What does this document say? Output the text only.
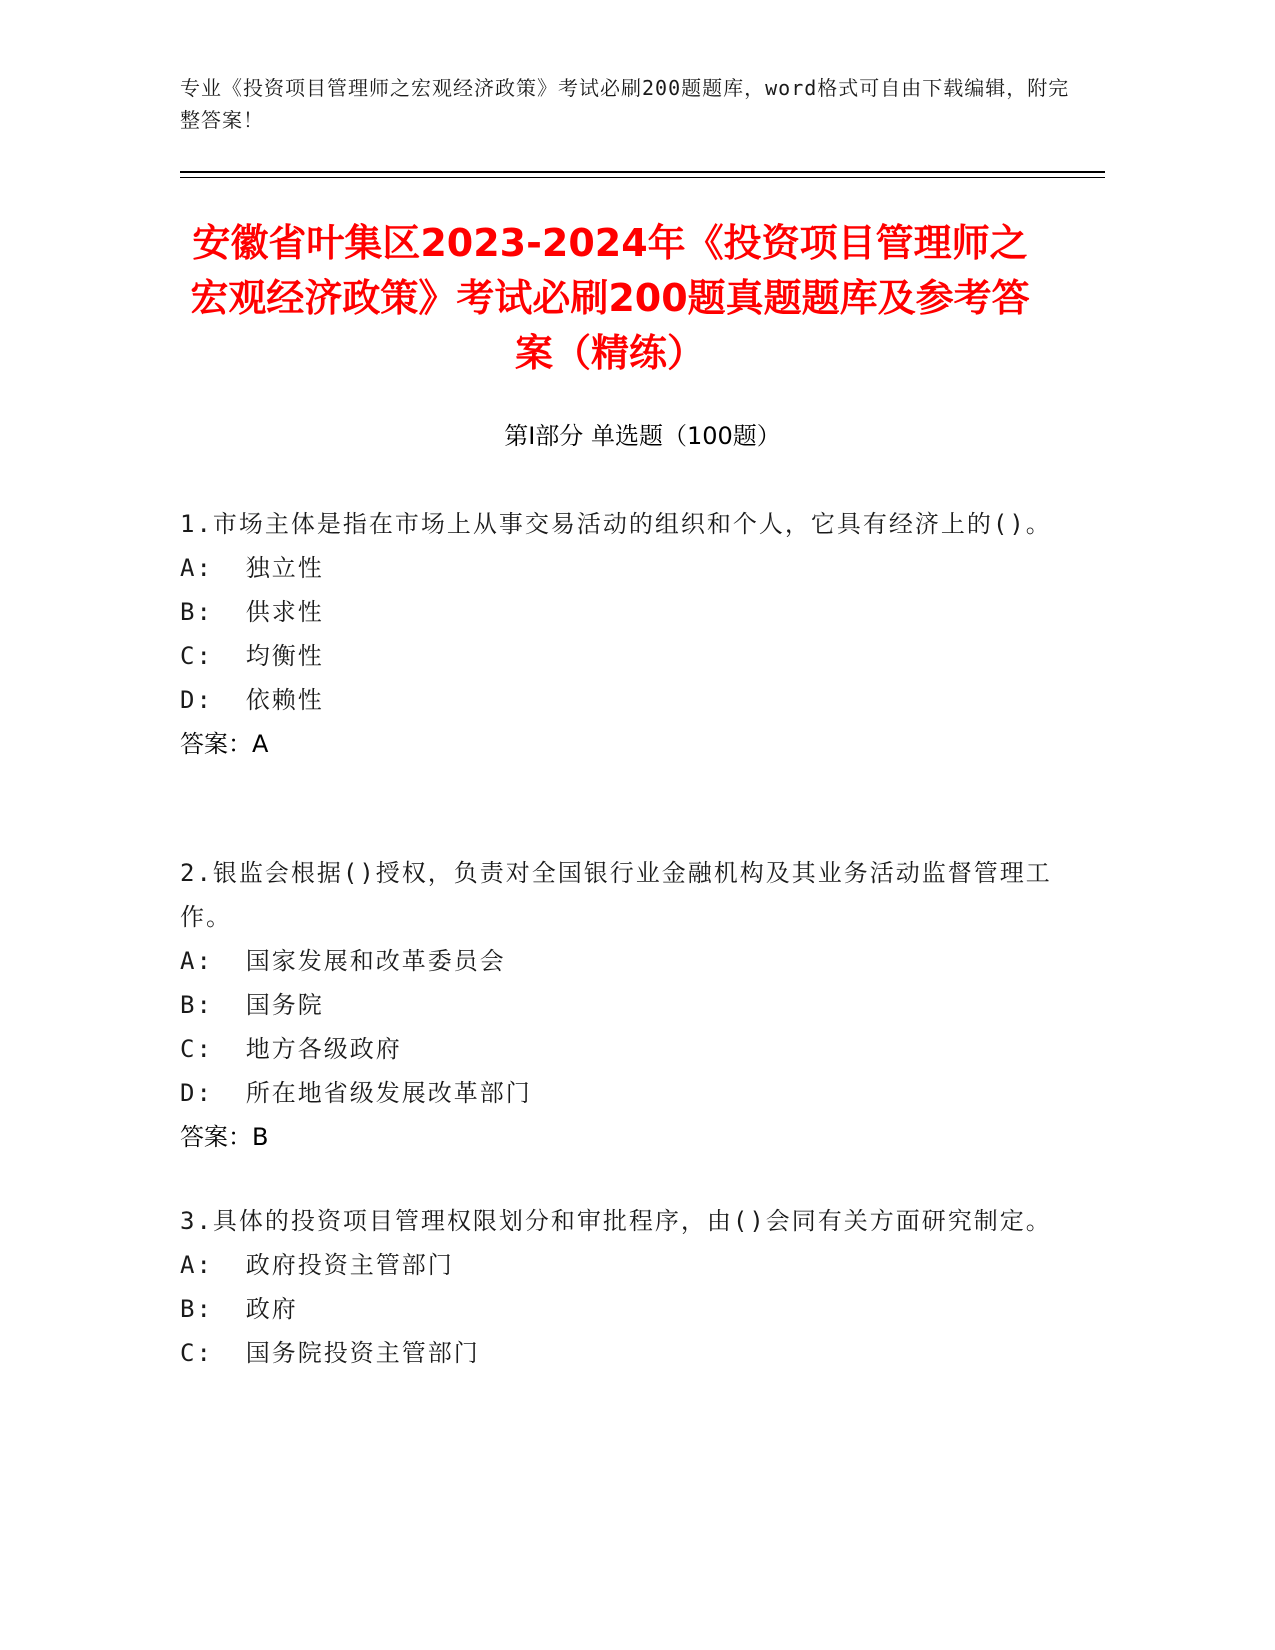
专业《投资项目管理师之宏观经济政策》考试必刷200题题库，word格式可自由下载编辑，附完整答案！
安徽省叶集区2023-2024年《投资项目管理师之宏观经济政策》考试必刷200题真题题库及参考答案（精练）
第Ⅰ部分 单选题（100题）
1.市场主体是指在市场上从事交易活动的组织和个人，它具有经济上的()。
A:  独立性
B:  供求性
C:  均衡性
D:  依赖性
答案：A
2.银监会根据()授权，负责对全国银行业金融机构及其业务活动监督管理工作。
A:  国家发展和改革委员会
B:  国务院
C:  地方各级政府
D:  所在地省级发展改革部门
答案：B
3.具体的投资项目管理权限划分和审批程序，由()会同有关方面研究制定。
A:  政府投资主管部门
B:  政府
C:  国务院投资主管部门
